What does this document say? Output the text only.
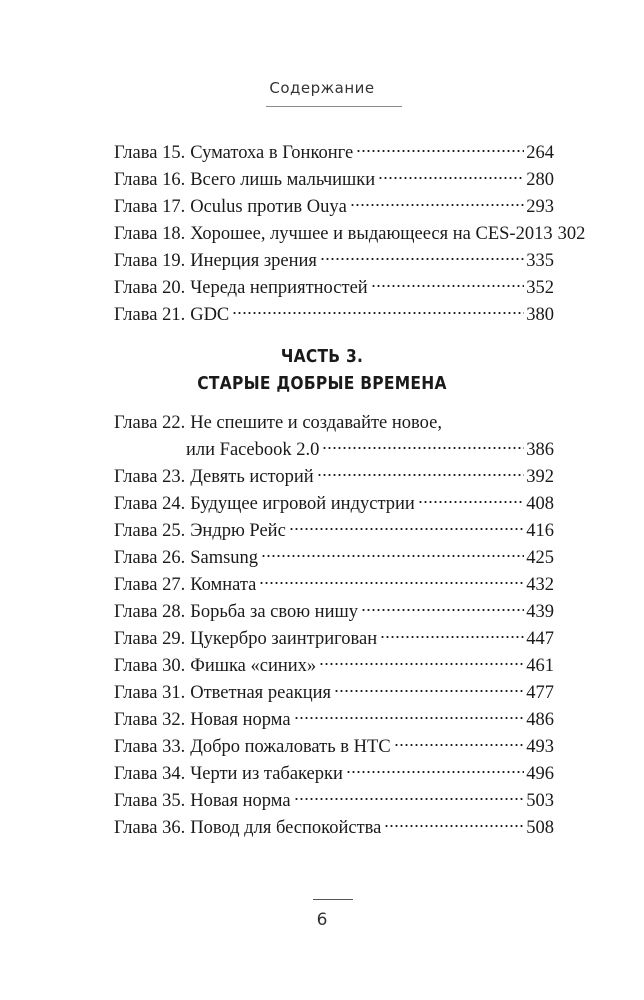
Содержание
Глава 15. Суматоха в Гонконге	264
Глава 16. Всего лишь мальчишки	280
Глава 17. Oculus против Ouya	293
Глава 18. Хорошее, лучшее и выдающееся на CES-2013 302
Глава 19. Инерция зрения	335
Глава 20. Череда неприятностей	352
Глава 21. GDC	380
ЧАСТЬ 3.
СТАРЫЕ ДОБРЫЕ ВРЕМЕНА
Глава 22. Не спешите и создавайте новое,
или Facebook 2.0	386
Глава 23. Девять историй	392
Глава 24. Будущее игровой индустрии	408
Глава 25. Эндрю Рейс	416
Глава 26. Samsung	425
Глава 27. Комната	432
Глава 28. Борьба за свою нишу	439
Глава 29. Цукербро заинтригован	447
Глава 30. Фишка «синих»	461
Глава 31. Ответная реакция	477
Глава 32. Новая норма	486
Глава 33. Добро пожаловать в HTC	493
Глава 34. Черти из табакерки	496
Глава 35. Новая норма	503
Глава 36. Повод для беспокойства	508
6
